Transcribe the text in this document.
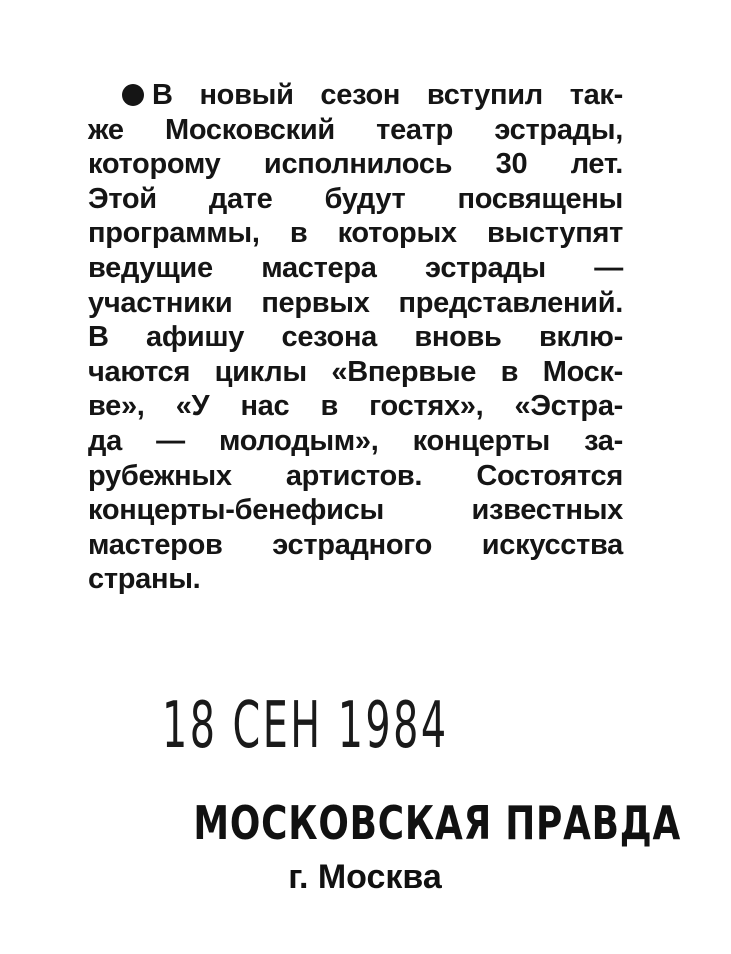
В новый сезон вступил так-
же Московский театр эстрады,
которому исполнилось 30 лет.
Этой дате будут посвящены
программы, в которых выступят
ведущие мастера эстрады —
участники первых представлений.
В афишу сезона вновь вклю-
чаются циклы «Впервые в Моск-
ве», «У нас в гостях», «Эстра-
да — молодым», концерты за-
рубежных артистов. Состоятся
концерты-бенефисы известных
мастеров эстрадного искусства
страны.
18 СЕН 1984
МОСКОВСКАЯ ПРАВДА
г. Москва
